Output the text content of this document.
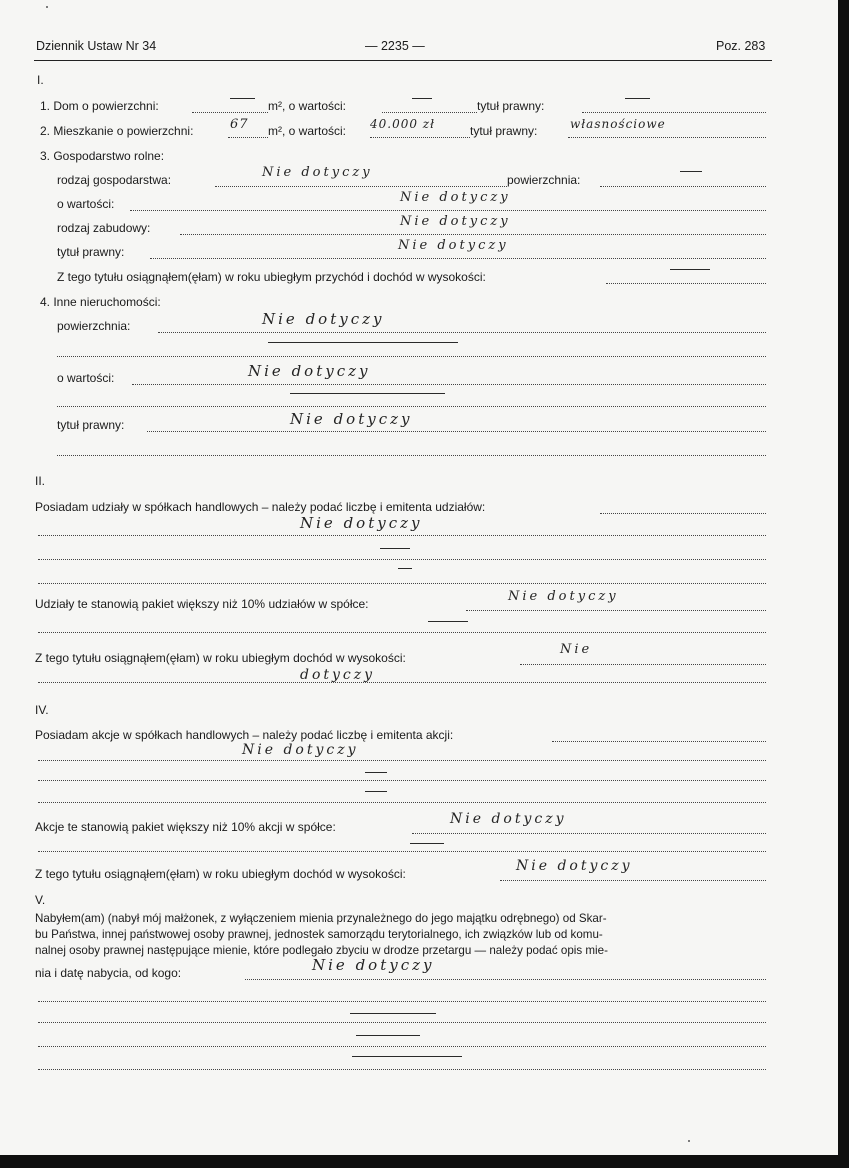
Dziennik Ustaw Nr 34	— 2235 —	Poz. 283
I.
1. Dom o powierzchni:	m², o wartości:	tytuł prawny:
2. Mieszkanie o powierzchni:	67 m², o wartości: 40.000 zł	tytuł prawny:	własnościowe
3. Gospodarstwo rolne:
rodzaj gospodarstwa:	Nie dotyczy	powierzchnia:
o wartości:	Nie dotyczy
rodzaj zabudowy:	Nie dotyczy
tytuł prawny:	Nie dotyczy
Z tego tytułu osiągnąłem(ęłam) w roku ubiegłym przychód i dochód w wysokości:
4. Inne nieruchomości:
powierzchnia:	Nie dotyczy
o wartości:	Nie dotyczy
tytuł prawny:	Nie dotyczy
II.
Posiadam udziały w spółkach handlowych – należy podać liczbę i emitenta udziałów:
Nie dotyczy
Udziały te stanowią pakiet większy niż 10% udziałów w spółce:	Nie dotyczy
Z tego tytułu osiągnąłem(ęłam) w roku ubiegłym dochód w wysokości:
Nie
dotyczy
IV.
Posiadam akcje w spółkach handlowych – należy podać liczbę i emitenta akcji:
Nie dotyczy
Akcje te stanowią pakiet większy niż 10% akcji w spółce:	Nie dotyczy
Z tego tytułu osiągnąłem(ęłam) w roku ubiegłym dochód w wysokości:	Nie dotyczy
V.
Nabyłem(am) (nabył mój małżonek, z wyłączeniem mienia przynależnego do jego majątku odrębnego) od Skar-
bu Państwa, innej państwowej osoby prawnej, jednostek samorządu terytorialnego, ich związków lub od komu-
nalnej osoby prawnej następujące mienie, które podlegało zbyciu w drodze przetargu — należy podać opis mie-
nia i datę nabycia, od kogo:	Nie dotyczy
